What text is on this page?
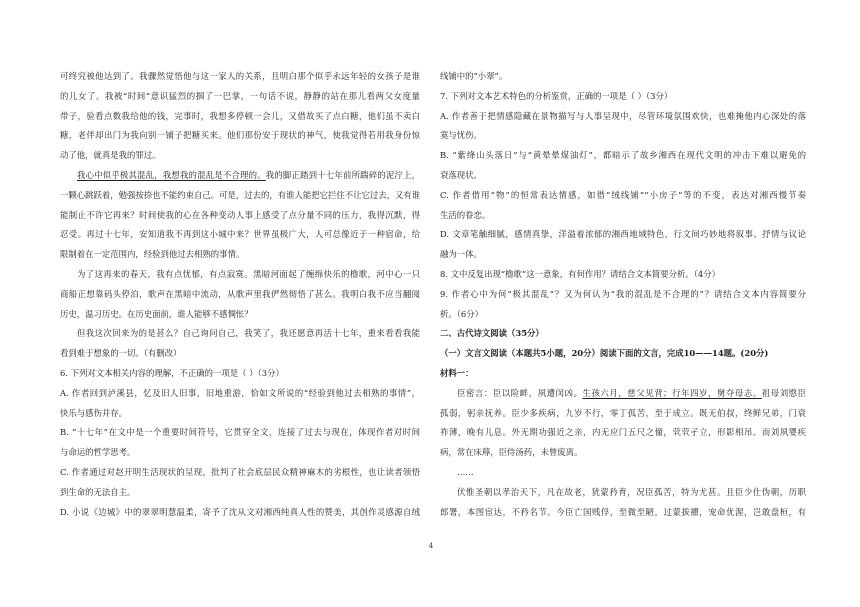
可终究被他达到了。我骤然觉悟他与这一家人的关系，且明白那个似乎永远年轻的女孩子是谁
的儿女了。我被“时间”意识猛烈的掴了一巴掌，一句话不说，静静的站在那儿看两父女度量
带子，验看点数我给他的钱，完事时，我想多停顿一会儿，又借故买了点白糖，他们虽不卖白
糖，老伴却出门为我向别一铺子把糖买来。他们那份安于现状的神气，使我觉得若用我身份惊
动了他，就真是我的罪过。
我心中似乎极其混乱，我想我的混乱是不合理的。我的脚正踏到十七年前所踹碎的泥泞上，
一颗心跳跃着，勉强按捺也不能约束自己。可是，过去的，有谁人能把它拦住不让它过去，又有谁
能制止不许它再来？时间使我的心在各种变动人事上感受了点分量不同的压力，我得沉默，得
忍受。再过十七年，安知道我不再到这小城中来？世界虽极广大，人可总像近于一种宿命，给
限制着在一定范围内，经验到他过去相熟的事情。
为了这再来的春天，我有点忧郁，有点寂寞。黑暗河面起了缠绵快乐的橹歌，河中心一只
商船正想靠码头停泊，歌声在黑暗中流动，从歌声里我俨然彻悟了甚么。我明白我不应当翻阅
历史，温习历史。在历史面前，谁人能够不感惆怅？
但我这次回来为的是甚么？自己询问自己，我笑了，我还愿意再活十七年，重来看看我能
看到难于想象的一切。（有删改）
6. 下列对文本相关内容的理解，不正确的一项是（ ）（3分）
A. 作者回到泸溪县，忆及旧人旧事，旧地重游，恰如文所说的“经验到他过去相熟的事情”，
快乐与感伤并存。
B. “十七年”在文中是一个重要时间符号，它贯穿全文，连接了过去与现在，体现作者对时间
与命运的哲学思考。
C. 作者通过对赵开明生活现状的呈现，批判了社会底层民众精神麻木的劣根性，也让读者领悟
到生命的无法自主。
D. 小说《边城》中的翠翠明慧温柔，寄予了沈从文对湘西纯真人性的赞美，其创作灵感源自绒
线铺中的“小翠”。
7. 下列对文本艺术特色的分析鉴赏，正确的一项是（ ）（3分）
A. 作者善于把情感隐藏在景物描写与人事呈现中，尽管环境氛围欢快，也难掩他内心深处的落
寞与忧伤。
B. “紫绛山头落日”与“黄晕晕煤油灯”，都暗示了故乡湘西在现代文明的冲击下难以避免的
衰落现状。
C. 作者借用“物”的恒常表达情感，如借“绒线铺”“小房子”等的不变，表达对湘西慢节奏
生活的眷恋。
D. 文章笔触细腻，感情真挚，洋溢着浓郁的湘西地域特色，行文间巧妙地将叙事、抒情与议论
融为一体。
8. 文中反复出现“橹歌”这一意象，有何作用？请结合文本简要分析。（4分）
9. 作者心中为何“极其混乱”？又为何认为“我的混乱是不合理的”？请结合文本内容简要分
析。（6分）
二、古代诗文阅读（35分）
（一）文言文阅读（本题共5小题，20分）阅读下面的文言，完成10——14题。(20分)
材料一：
臣密言：臣以险衅，夙遭闵凶。生孩六月，慈父见背；行年四岁，舅夺母志。祖母刘愍臣
孤弱，躬亲抚养。臣少多疾病，九岁不行，零丁孤苦，至于成立。既无伯叔，终鲜兄弟，门衰
祚薄，晚有儿息。外无期功强近之亲，内无应门五尺之僮，茕茕孑立，形影相吊。而刘夙婴疾
病，常在床蓐，臣侍汤药，未曾废离。
……
伏惟圣朝以孝治天下，凡在故老，犹蒙矜育，况臣孤苦，特为尤甚。且臣少仕伪朝，历职
郎署，本图宦达，不矜名节。今臣亡国贱俘，至微至陋，过蒙拔擢，宠命优渥，岂敢盘桓，有
4
